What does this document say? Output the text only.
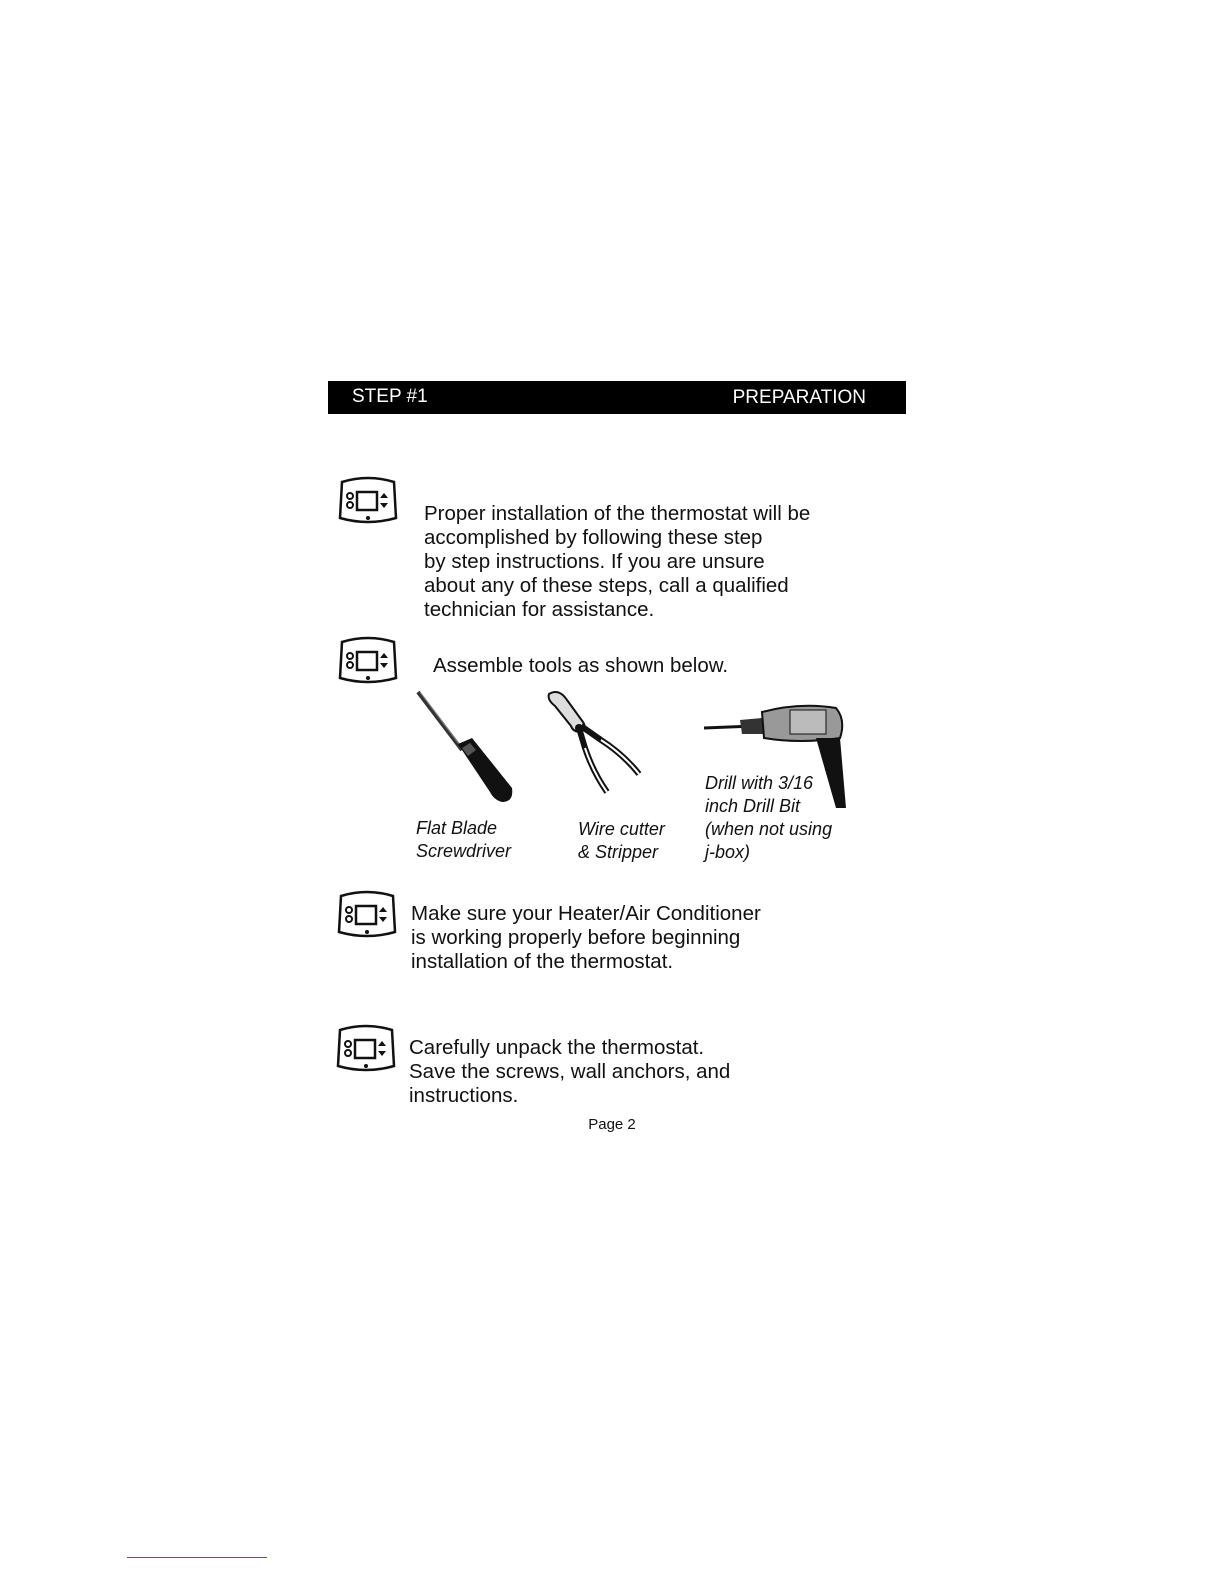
STEP #1	PREPARATION
Proper installation of the thermostat will be
accomplished by following these step
by step instructions. If you are unsure
about any of these steps, call a qualified
technician for assistance.
Assemble tools as shown below.
Flat Blade
Screwdriver
Wire cutter
& Stripper
Drill with 3/16
inch Drill Bit
(when not using
j-box)
Make sure your Heater/Air Conditioner
is working properly before beginning
installation of the thermostat.
Carefully unpack the thermostat.
Save the screws, wall anchors, and
instructions.
Page 2
